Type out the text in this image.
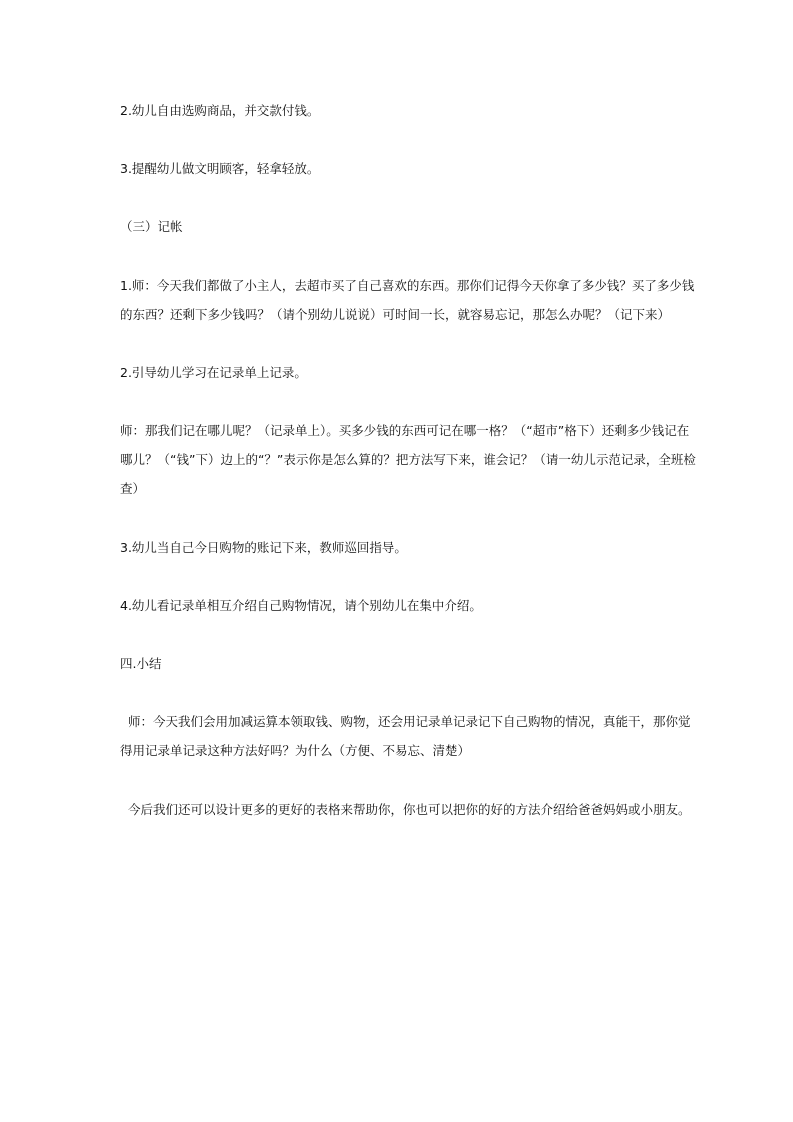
2.幼儿自由选购商品，并交款付钱。

3.提醒幼儿做文明顾客，轻拿轻放。

（三）记帐

1.师：今天我们都做了小主人，去超市买了自己喜欢的东西。那你们记得今天你拿了多少钱？买了多少钱
的东西？还剩下多少钱吗？（请个别幼儿说说）可时间一长，就容易忘记，那怎么办呢？（记下来）

2.引导幼儿学习在记录单上记录。

师：那我们记在哪儿呢？（记录单上）。买多少钱的东西可记在哪一格？（“超市”格下）还剩多少钱记在
哪儿？（“钱”下）边上的“？”表示你是怎么算的？把方法写下来，谁会记？（请一幼儿示范记录，全班检
查）

3.幼儿当自己今日购物的账记下来，教师巡回指导。

4.幼儿看记录单相互介绍自己购物情况，请个别幼儿在集中介绍。

四.小结

师：今天我们会用加减运算本领取钱、购物，还会用记录单记录记下自己购物的情况，真能干，那你觉
得用记录单记录这种方法好吗？为什么（方便、不易忘、清楚）

今后我们还可以设计更多的更好的表格来帮助你，你也可以把你的好的方法介绍给爸爸妈妈或小朋友。
